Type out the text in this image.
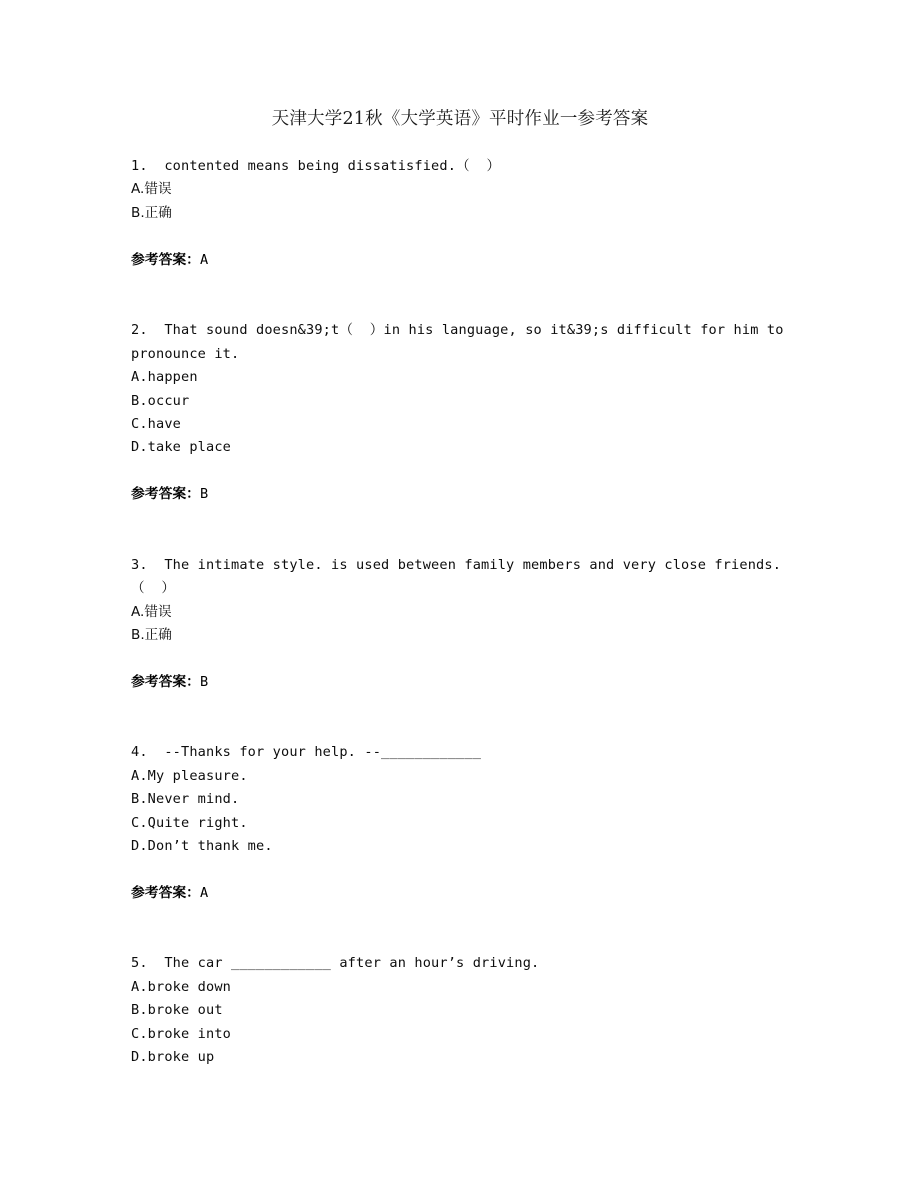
天津大学21秋《大学英语》平时作业一参考答案
1.  contented means being dissatisfied.（  ）
A.错误
B.正确
参考答案：A
2.  That sound doesn&39;t（  ）in his language, so it&39;s difficult for him to pronounce it.
A.happen
B.occur
C.have
D.take place
参考答案：B
3.  The intimate style. is used between family members and very close friends.（  ）
A.错误
B.正确
参考答案：B
4.  --Thanks for your help. --____________
A.My pleasure.
B.Never mind.
C.Quite right.
D.Don’t thank me.
参考答案：A
5.  The car ____________ after an hour’s driving.
A.broke down
B.broke out
C.broke into
D.broke up
